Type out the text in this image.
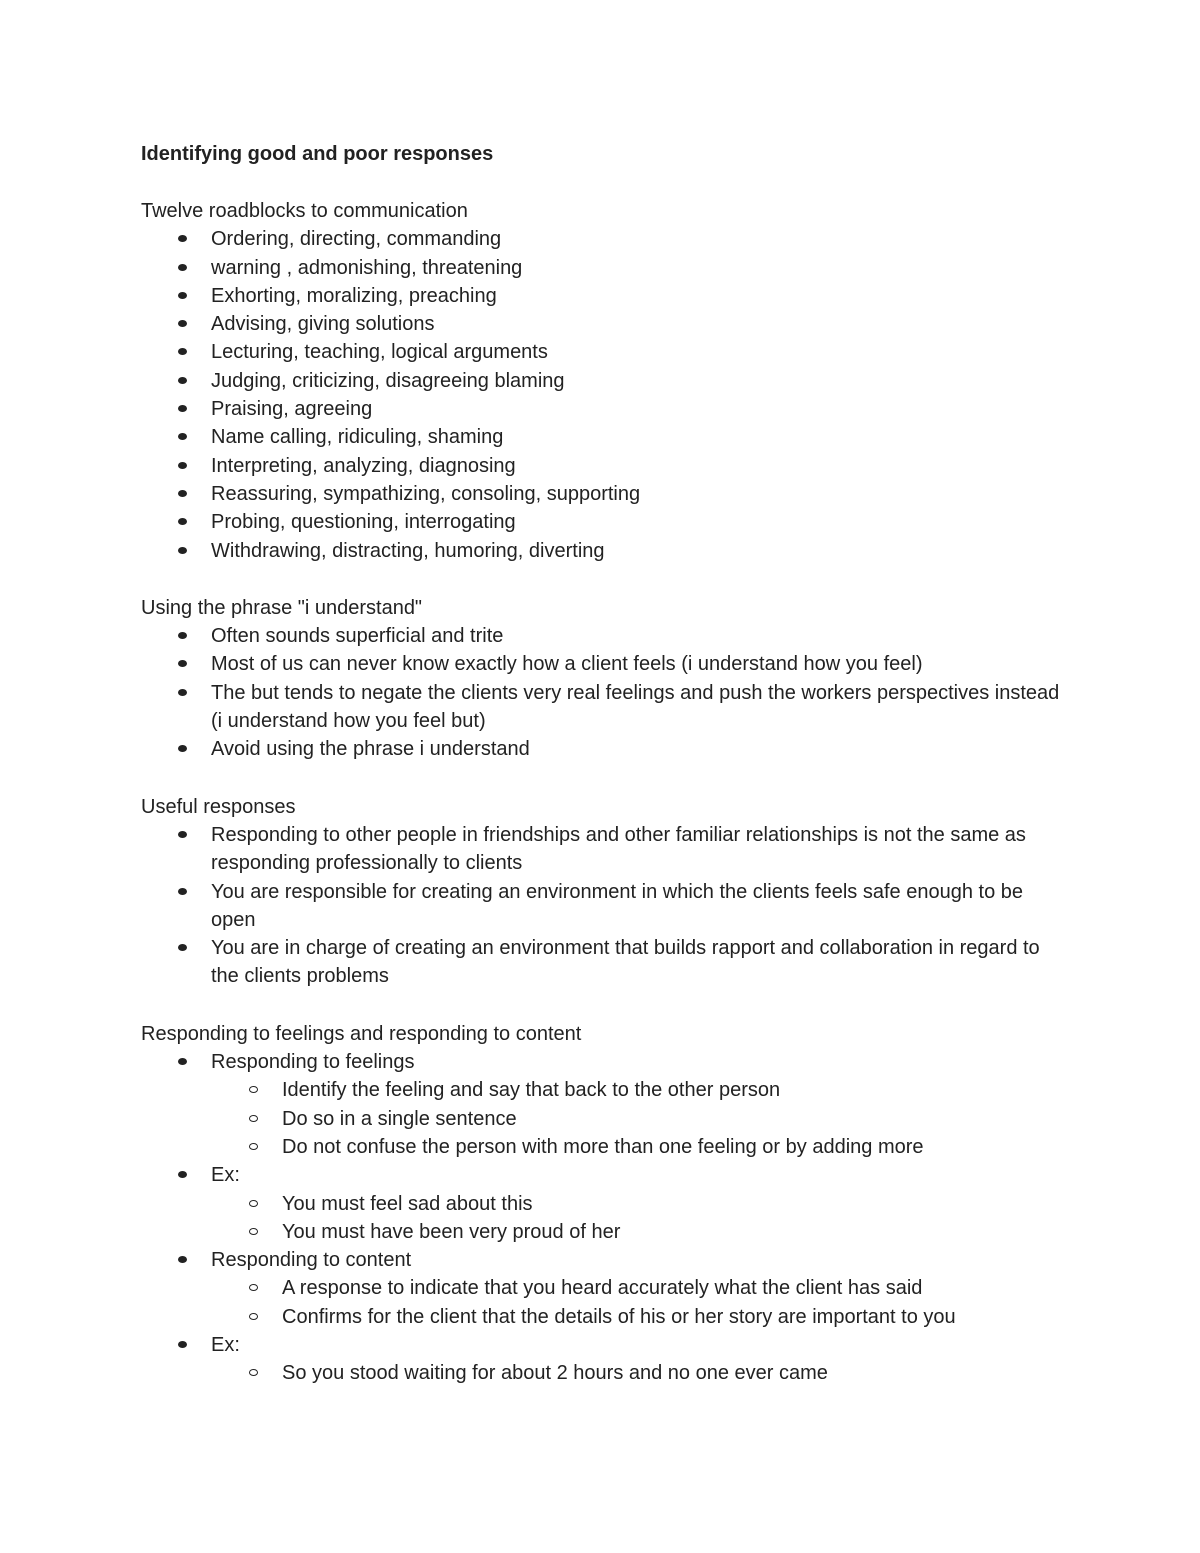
Identifying good and poor responses
Twelve roadblocks to communication
Ordering, directing, commanding
warning , admonishing, threatening
Exhorting, moralizing, preaching
Advising, giving solutions
Lecturing, teaching, logical arguments
Judging, criticizing, disagreeing blaming
Praising, agreeing
Name calling, ridiculing, shaming
Interpreting, analyzing, diagnosing
Reassuring, sympathizing, consoling, supporting
Probing, questioning, interrogating
Withdrawing, distracting, humoring, diverting
Using the phrase "i understand"
Often sounds superficial and trite
Most of us can never know exactly how a client feels (i understand how you feel)
The but tends to negate the clients very real feelings and push the workers perspectives instead (i understand how you feel but)
Avoid using the phrase i understand
Useful responses
Responding to other people in friendships and other familiar relationships is not the same as responding professionally to clients
You are responsible for creating an environment in which the clients feels safe enough to be open
You are in charge of creating an environment that builds rapport and collaboration in regard to the clients problems
Responding to feelings and responding to content
Responding to feelings
Identify the feeling and say that back to the other person
Do so in a single sentence
Do not confuse the person with more than one feeling or by adding more
Ex:
You must feel sad about this
You must have been very proud of her
Responding to content
A response to indicate that you heard accurately what the client has said
Confirms for the client that the details of his or her story are important to you
Ex:
So you stood waiting for about 2 hours and no one ever came
